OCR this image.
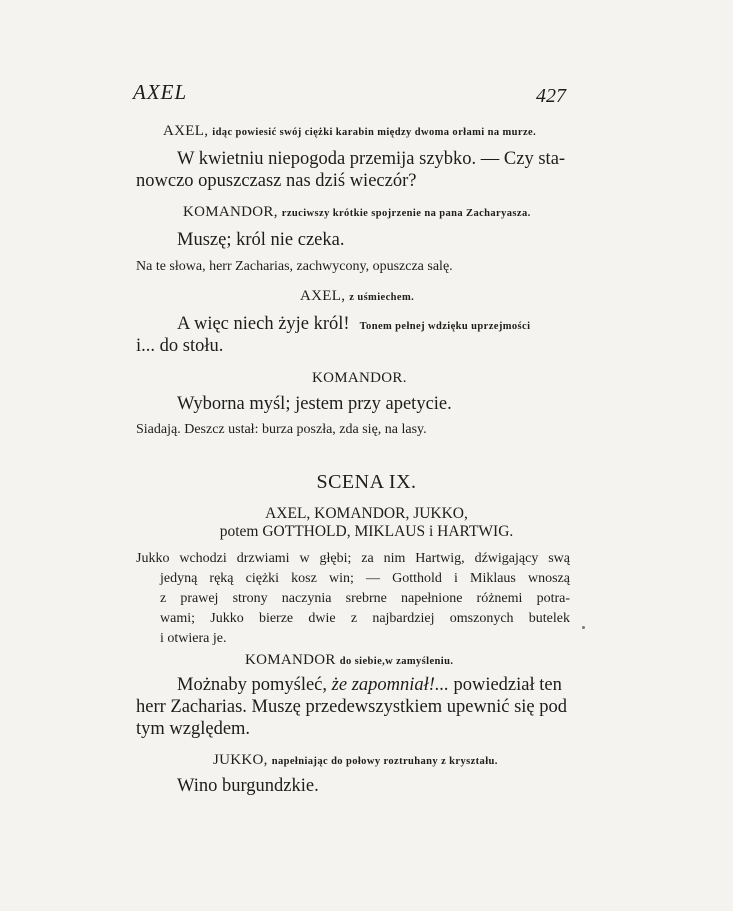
AXEL	427

AXEL, idąc powiesić swój ciężki karabin między dwoma orłami na murze.

W kwietniu niepogoda przemija szybko. — Czy sta-

nowczo opuszczasz nas dziś wieczór?

KOMANDOR, rzuciwszy krótkie spojrzenie na pana Zacharyasza.

Muszę; król nie czeka.

Na te słowa, herr Zacharias, zachwycony, opuszcza salę.

AXEL, z uśmiechem.

A więc niech żyje król! Tonem pełnej wdzięku uprzejmości

i... do stołu.

KOMANDOR.

Wyborna myśl; jestem przy apetycie.

Siadają. Deszcz ustał: burza poszła, zda się, na lasy.

SCENA IX.

AXEL, KOMANDOR, JUKKO,

potem GOTTHOLD, MIKLAUS i HARTWIG.

Jukko wchodzi drzwiami w głębi; za nim Hartwig, dźwigający swą
jedyną ręką ciężki kosz win; — Gotthold i Miklaus wnoszą
z prawej strony naczynia srebrne napełnione różnemi potra-
wami; Jukko bierze dwie z najbardziej omszonych butelek
i otwiera je.

KOMANDOR do siebie,w zamyśleniu.

Możnaby pomyśleć, że zapomniał!... powiedział ten

herr Zacharias. Muszę przedewszystkiem upewnić się pod

tym względem.

JUKKO, napełniając do połowy roztruhany z kryształu.

Wino burgundzkie.
